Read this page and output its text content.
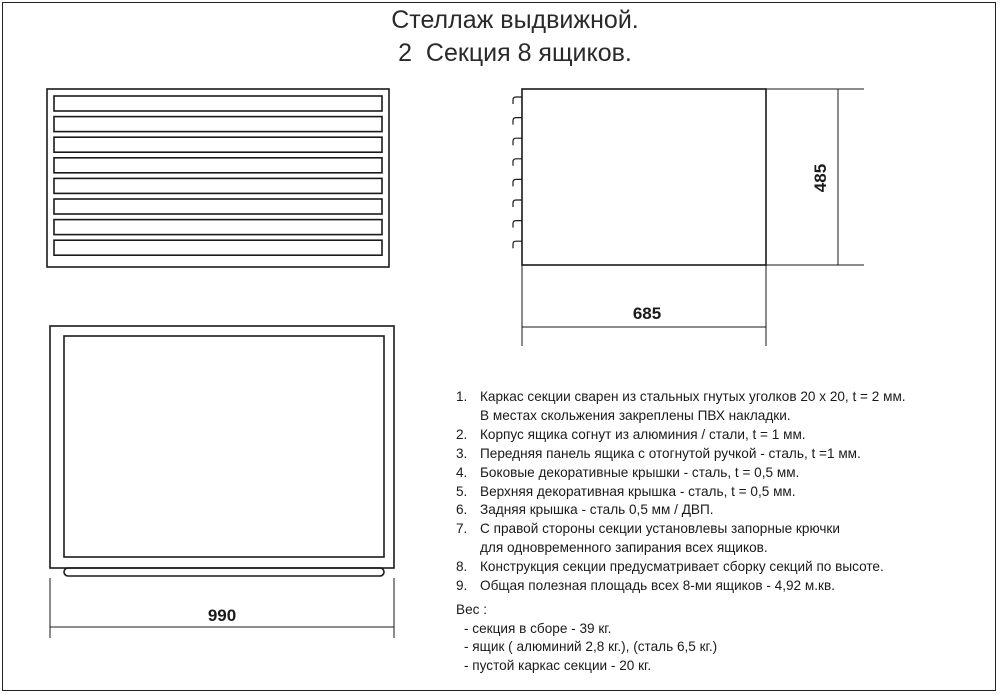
Стеллаж выдвижной.
2  Секция 8 ящиков.
990
685
485
1. Каркас секции сварен из стальных гнутых уголков 20 х 20, t = 2 мм.
В местах скольжения закреплены ПВХ накладки.
2. Корпус ящика согнут из алюминия / стали, t = 1 мм.
3. Передняя панель ящика с отогнутой ручкой - сталь, t =1 мм.
4. Боковые декоративные крышки - сталь, t = 0,5 мм.
5. Верхняя декоративная крышка - сталь, t = 0,5 мм.
6. Задняя крышка - сталь 0,5 мм / ДВП.
7. С правой стороны секции установлевы запорные крючки
для одновременного запирания всех ящиков.
8. Конструкция секции предусматривает сборку секций по высоте.
9. Общая полезная площадь всех 8-ми ящиков - 4,92 м.кв.
Вес :
- секция в сборе - 39 кг.
- ящик ( алюминий 2,8 кг.), (сталь 6,5 кг.)
- пустой каркас секции - 20 кг.
